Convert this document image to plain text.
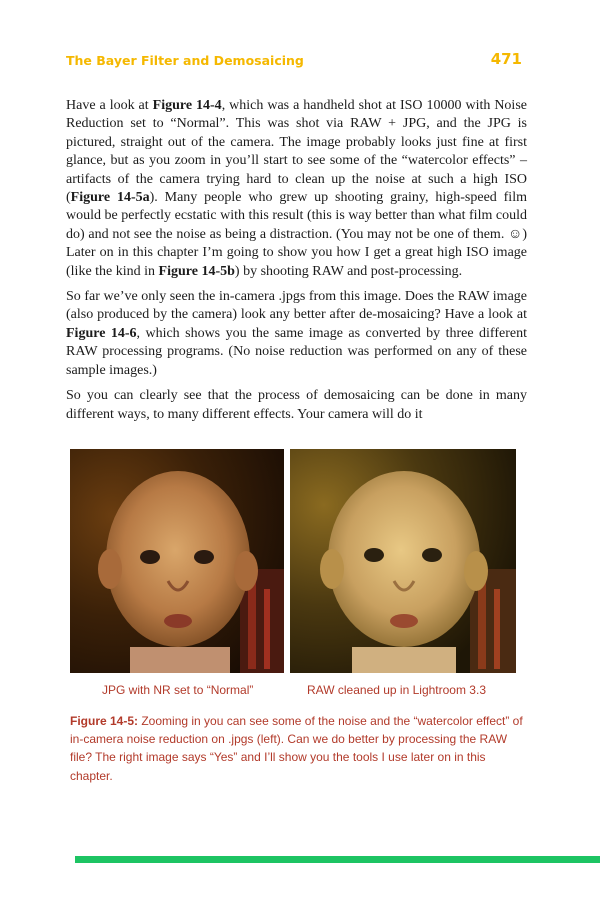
The Bayer Filter and Demosaicing	471

Have a look at Figure 14-4, which was a handheld shot at ISO 10000 with Noise Reduction set to “Normal”. This was shot via RAW + JPG, and the JPG is pictured, straight out of the camera. The image probably looks just fine at first glance, but as you zoom in you’ll start to see some of the “watercolor effects” – artifacts of the camera trying hard to clean up the noise at such a high ISO (Figure 14-5a). Many people who grew up shooting grainy, high-speed film would be perfectly ecstatic with this result (this is way better than what film could do) and not see the noise as being a distraction. (You may not be one of them. ☺) Later on in this chapter I’m going to show you how I get a great high ISO image (like the kind in Figure 14-5b) by shooting RAW and post-processing.

So far we’ve only seen the in-camera .jpgs from this image. Does the RAW image (also produced by the camera) look any better after de-mosaicing? Have a look at Figure 14-6, which shows you the same image as converted by three different RAW processing programs. (No noise reduction was performed on any of these sample images.)

So you can clearly see that the process of demosaicing can be done in many different ways, to many different effects. Your camera will do it

JPG with NR set to “Normal”	RAW cleaned up in Lightroom 3.3
Figure 14-5: Zooming in you can see some of the noise and the “watercolor effect” of in-camera noise reduction on .jpgs (left). Can we do better by processing the RAW file? The right image says “Yes” and I’ll show you the tools I use later on in this chapter.
